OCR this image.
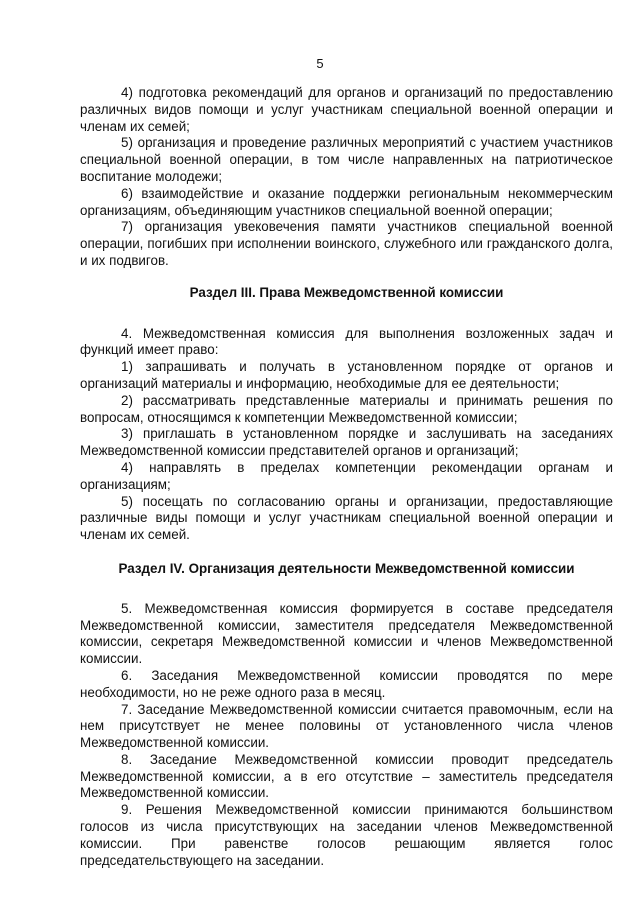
5

4) подготовка рекомендаций для органов и организаций по предоставлению различных видов помощи и услуг участникам специальной военной операции и членам их семей;

5) организация и проведение различных мероприятий с участием участников специальной военной операции, в том числе направленных на патриотическое воспитание молодежи;

6) взаимодействие и оказание поддержки региональным некоммерческим организациям, объединяющим участников специальной военной операции;

7) организация увековечения памяти участников специальной военной операции, погибших при исполнении воинского, служебного или гражданского долга, и их подвигов.

Раздел III. Права Межведомственной комиссии

4. Межведомственная комиссия для выполнения возложенных задач и функций имеет право:

1) запрашивать и получать в установленном порядке от органов и организаций материалы и информацию, необходимые для ее деятельности;

2) рассматривать представленные материалы и принимать решения по вопросам, относящимся к компетенции Межведомственной комиссии;

3) приглашать в установленном порядке и заслушивать на заседаниях Межведомственной комиссии представителей органов и организаций;

4) направлять в пределах компетенции рекомендации органам и организациям;

5) посещать по согласованию органы и организации, предоставляющие различные виды помощи и услуг участникам специальной военной операции и членам их семей.

Раздел IV. Организация деятельности Межведомственной комиссии

5. Межведомственная комиссия формируется в составе председателя Межведомственной комиссии, заместителя председателя Межведомственной комиссии, секретаря Межведомственной комиссии и членов Межведомственной комиссии.

6. Заседания Межведомственной комиссии проводятся по мере необходимости, но не реже одного раза в месяц.

7. Заседание Межведомственной комиссии считается правомочным, если на нем присутствует не менее половины от установленного числа членов Межведомственной комиссии.

8. Заседание Межведомственной комиссии проводит председатель Межведомственной комиссии, а в его отсутствие – заместитель председателя Межведомственной комиссии.

9. Решения Межведомственной комиссии принимаются большинством голосов из числа присутствующих на заседании членов Межведомственной комиссии. При равенстве голосов решающим является голос председательствующего на заседании.
